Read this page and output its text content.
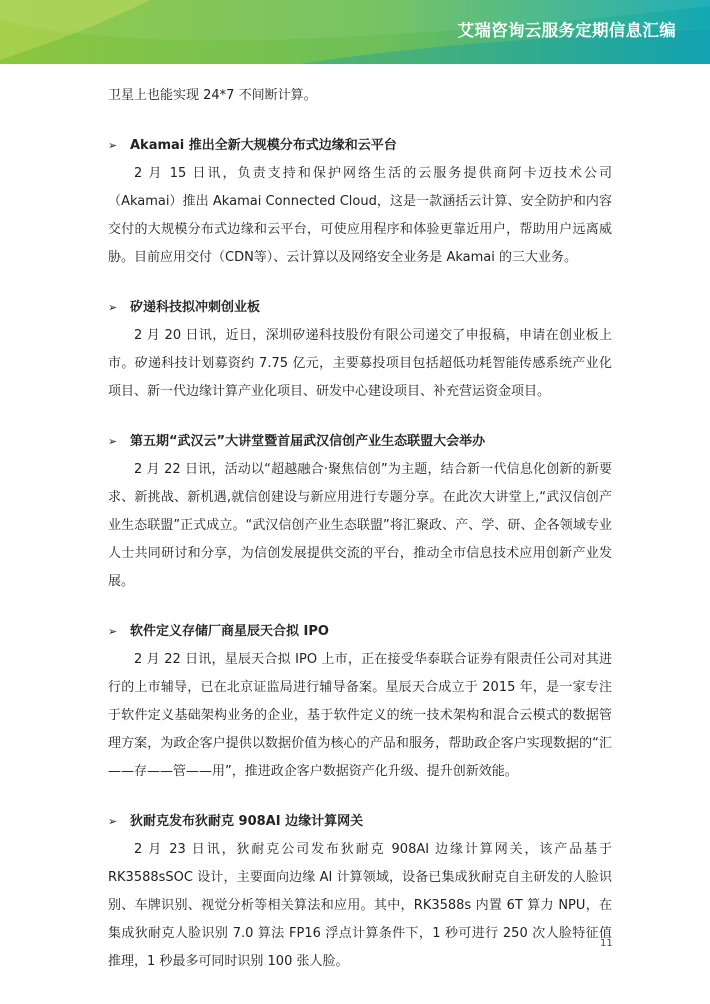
艾瑞咨询云服务定期信息汇编

卫星上也能实现 24*7 不间断计算。

➢ Akamai 推出全新大规模分布式边缘和云平台

2 月 15 日讯，负责支持和保护网络生活的云服务提供商阿卡迈技术公司（Akamai）推出 Akamai Connected Cloud，这是一款涵括云计算、安全防护和内容交付的大规模分布式边缘和云平台，可使应用程序和体验更靠近用户，帮助用户远离威胁。目前应用交付（CDN等）、云计算以及网络安全业务是 Akamai 的三大业务。

➢ 矽递科技拟冲刺创业板

2 月 20 日讯，近日，深圳矽递科技股份有限公司递交了申报稿，申请在创业板上市。矽递科技计划募资约 7.75 亿元，主要募投项目包括超低功耗智能传感系统产业化项目、新一代边缘计算产业化项目、研发中心建设项目、补充营运资金项目。

➢ 第五期“武汉云”大讲堂暨首届武汉信创产业生态联盟大会举办

2 月 22 日讯，活动以“超越融合·聚焦信创”为主题，结合新一代信息化创新的新要求、新挑战、新机遇,就信创建设与新应用进行专题分享。在此次大讲堂上,“武汉信创产业生态联盟”正式成立。“武汉信创产业生态联盟”将汇聚政、产、学、研、企各领域专业人士共同研讨和分享，为信创发展提供交流的平台，推动全市信息技术应用创新产业发展。

➢ 软件定义存储厂商星辰天合拟 IPO

2 月 22 日讯，星辰天合拟 IPO 上市，正在接受华泰联合证券有限责任公司对其进行的上市辅导，已在北京证监局进行辅导备案。星辰天合成立于 2015 年，是一家专注于软件定义基础架构业务的企业，基于软件定义的统一技术架构和混合云模式的数据管理方案，为政企客户提供以数据价值为核心的产品和服务，帮助政企客户实现数据的“汇——存——管——用”，推进政企客户数据资产化升级、提升创新效能。

➢ 狄耐克发布狄耐克 908AI 边缘计算网关

2 月 23 日讯，狄耐克公司发布狄耐克 908AI 边缘计算网关，该产品基于 RK3588sSOC 设计，主要面向边缘 AI 计算领域，设备已集成狄耐克自主研发的人脸识别、车牌识别、视觉分析等相关算法和应用。其中，RK3588s 内置 6T 算力 NPU，在集成狄耐克人脸识别 7.0 算法 FP16 浮点计算条件下，1 秒可进行 250 次人脸特征值推理，1 秒最多可同时识别 100 张人脸。

11
